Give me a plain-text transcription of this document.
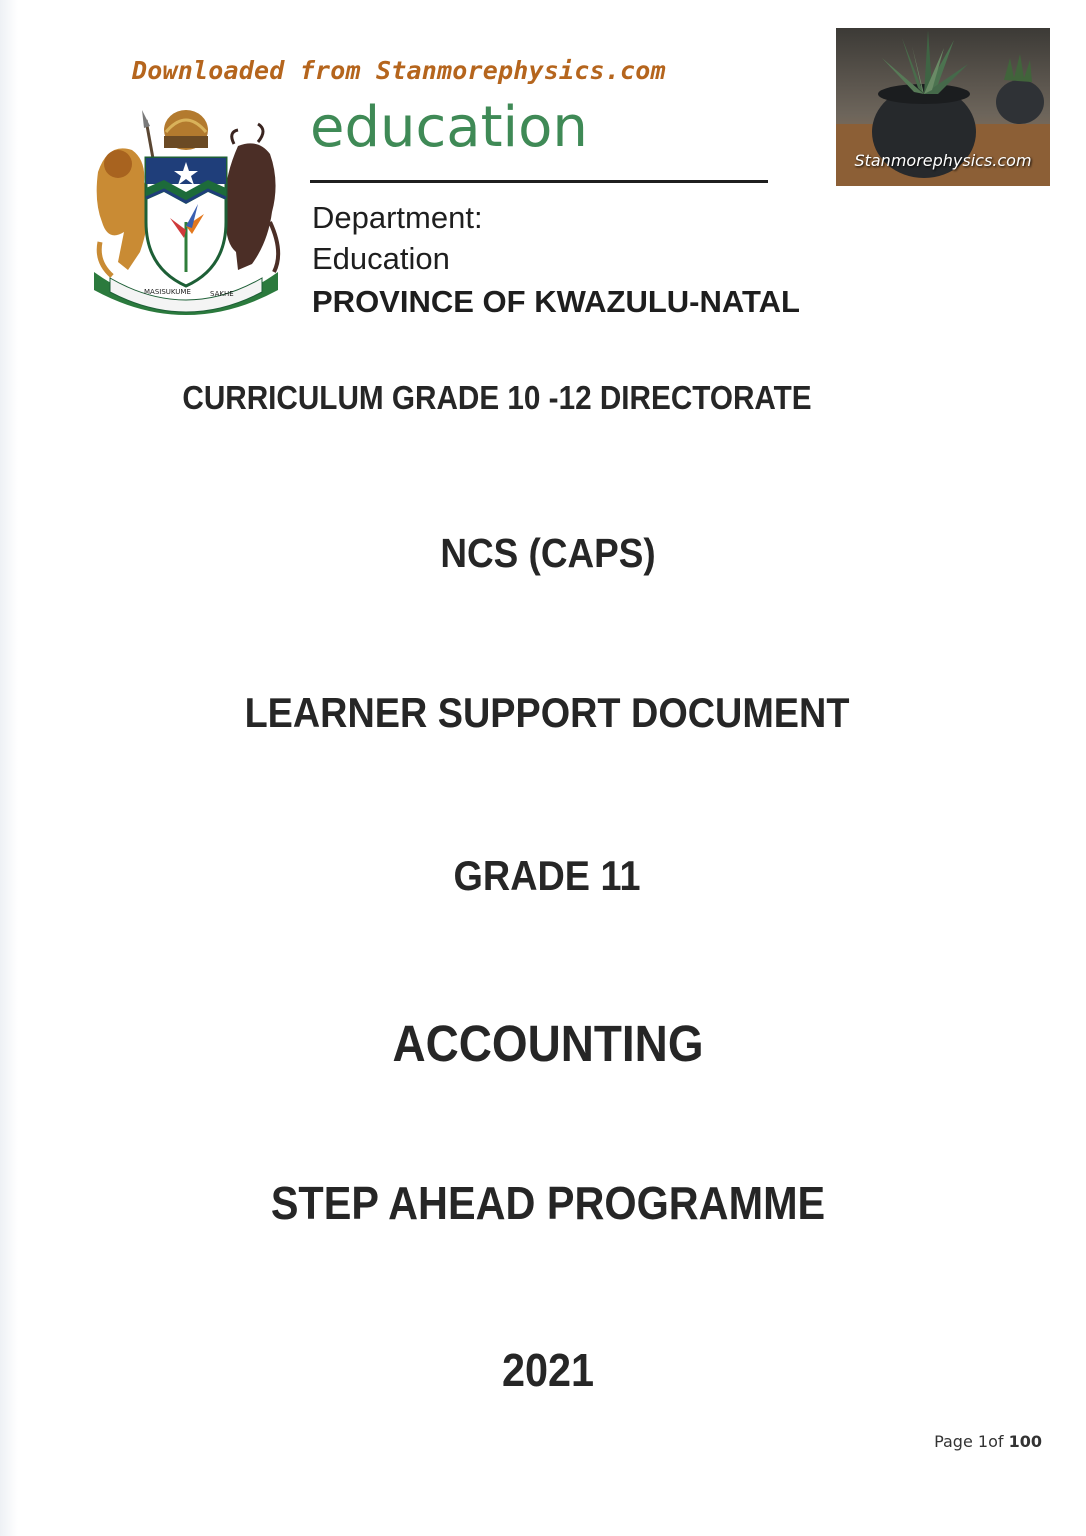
Downloaded from Stanmorephysics.com
MASISUKUME	SAKHE
education
Department:
Education
PROVINCE OF KWAZULU-NATAL
Stanmorephysics.com
CURRICULUM GRADE 10 -12 DIRECTORATE
NCS (CAPS)
LEARNER SUPPORT DOCUMENT
GRADE 11
ACCOUNTING
STEP AHEAD PROGRAMME
2021
Page 1of 100
